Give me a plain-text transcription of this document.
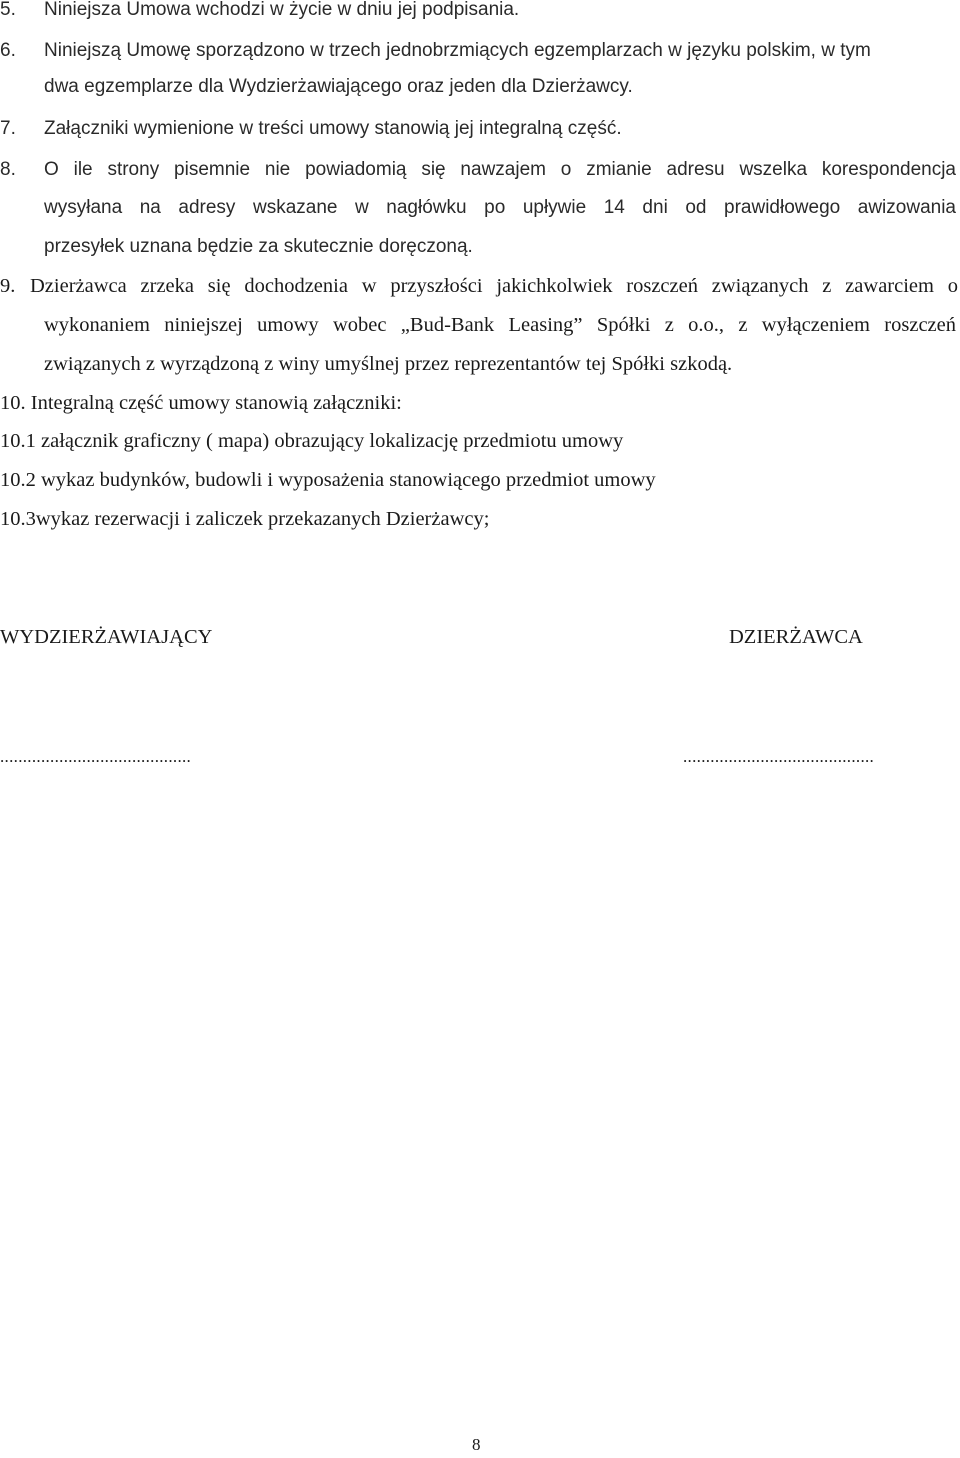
5. Niniejsza Umowa wchodzi w życie w dniu jej podpisania.
6. Niniejszą Umowę sporządzono w trzech jednobrzmiących egzemplarzach w języku polskim, w tym
dwa egzemplarze dla Wydzierżawiającego oraz jeden dla Dzierżawcy.
7. Załączniki wymienione w treści umowy stanowią jej integralną część.
8. O ile strony pisemnie nie powiadomią się nawzajem o zmianie adresu wszelka korespondencja
wysyłana na adresy wskazane w nagłówku po upływie 14 dni od prawidłowego awizowania
przesyłek uznana będzie za skutecznie doręczoną.
9. Dzierżawca zrzeka się dochodzenia w przyszłości jakichkolwiek roszczeń związanych z zawarciem o
wykonaniem niniejszej umowy wobec „Bud-Bank Leasing” Spółki z o.o., z wyłączeniem roszczeń
związanych z wyrządzoną z winy umyślnej przez reprezentantów tej Spółki szkodą.
10. Integralną część umowy stanowią załączniki:
10.1 załącznik graficzny ( mapa) obrazujący lokalizację przedmiotu umowy
10.2 wykaz budynków, budowli i wyposażenia stanowiącego przedmiot umowy
10.3wykaz rezerwacji i zaliczek przekazanych Dzierżawcy;
WYDZIERŻAWIAJĄCY	DZIERŻAWCA
..........................................	..........................................
8
